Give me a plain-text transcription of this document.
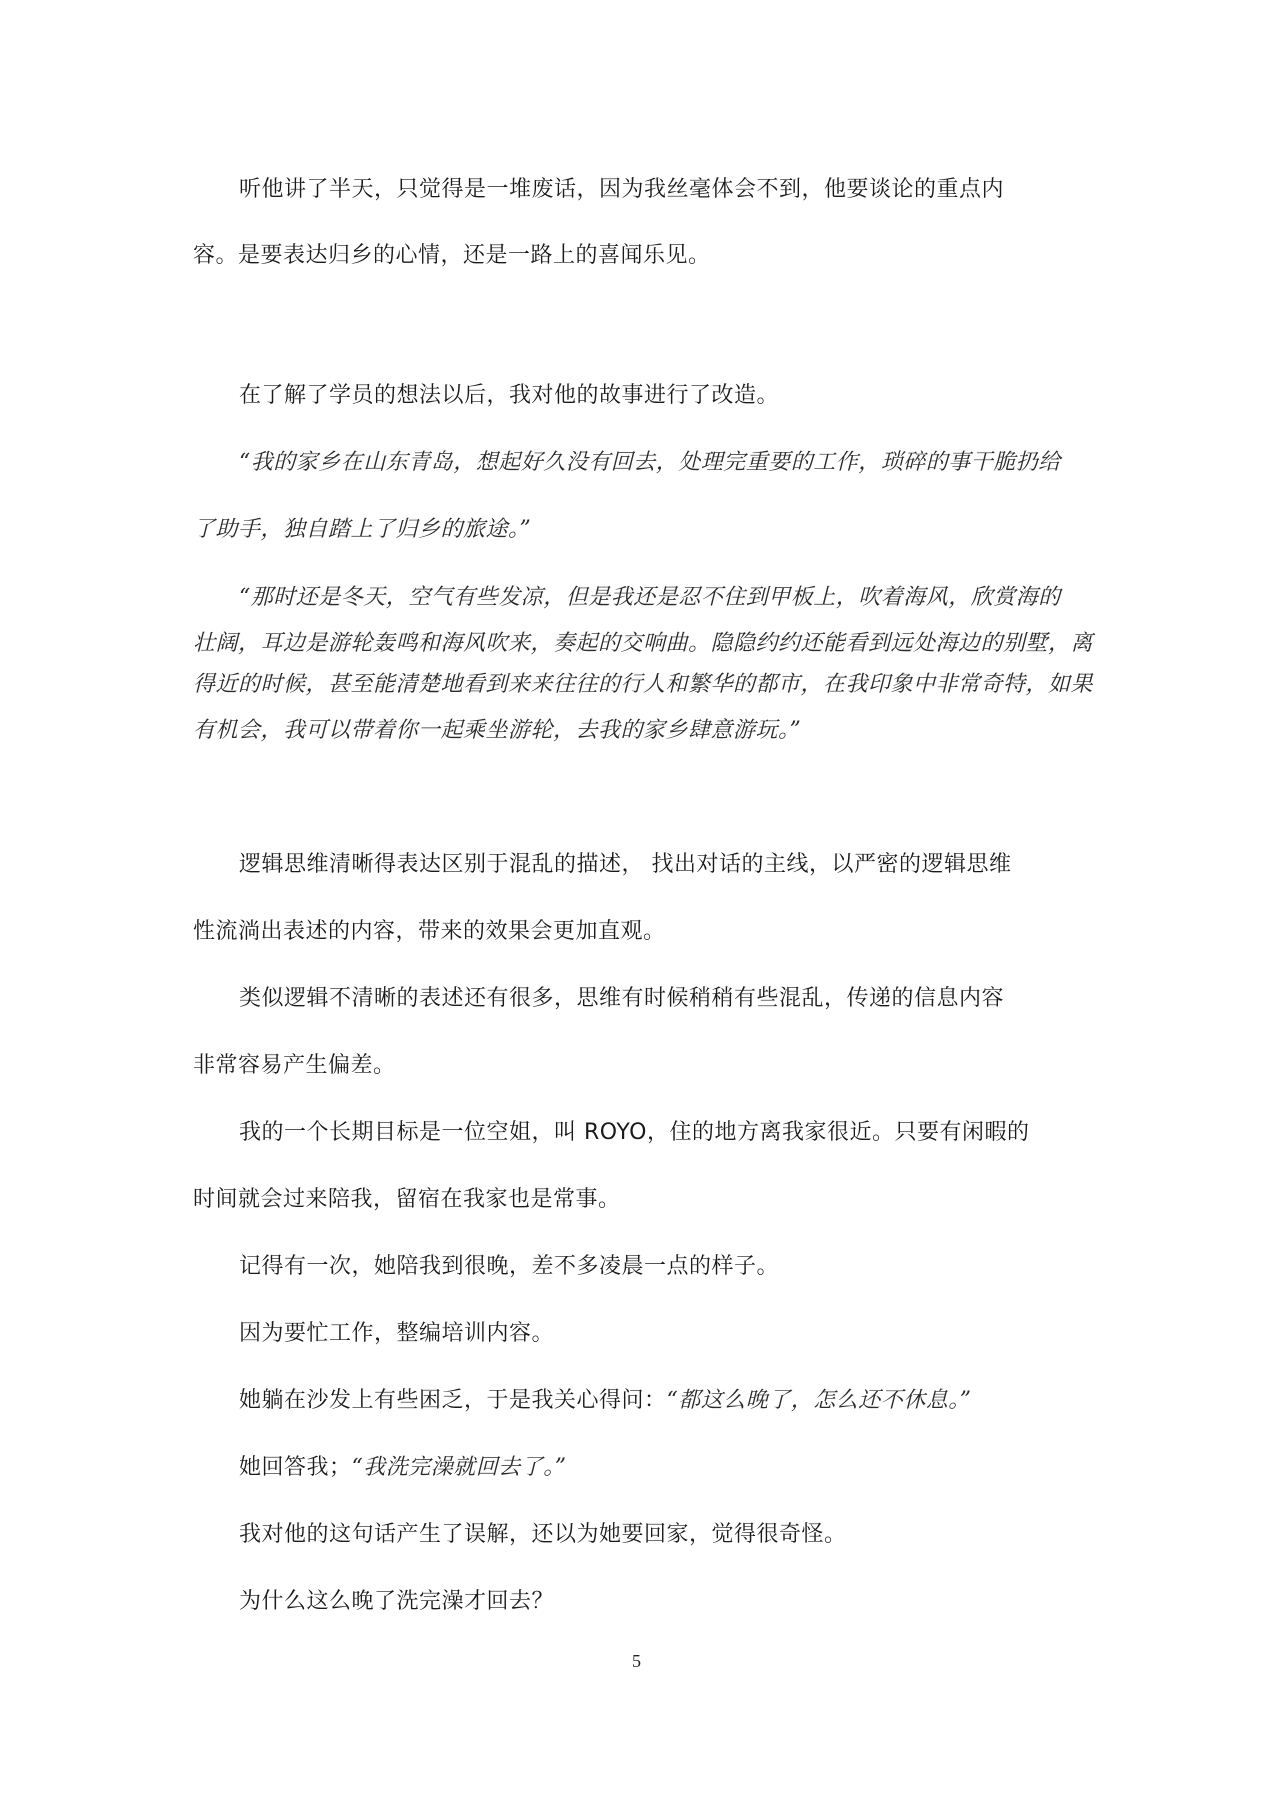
听他讲了半天，只觉得是一堆废话，因为我丝毫体会不到，他要谈论的重点内

容。是要表达归乡的心情，还是一路上的喜闻乐见。

在了解了学员的想法以后，我对他的故事进行了改造。

“我的家乡在山东青岛，想起好久没有回去，处理完重要的工作，琐碎的事干脆扔给

了助手，独自踏上了归乡的旅途。”

“那时还是冬天，空气有些发凉，但是我还是忍不住到甲板上，吹着海风，欣赏海的

壮阔，耳边是游轮轰鸣和海风吹来，奏起的交响曲。隐隐约约还能看到远处海边的别墅，离

得近的时候，甚至能清楚地看到来来往往的行人和繁华的都市，在我印象中非常奇特，如果

有机会，我可以带着你一起乘坐游轮，去我的家乡肆意游玩。”

逻辑思维清晰得表达区别于混乱的描述， 找出对话的主线，以严密的逻辑思维

性流淌出表述的内容，带来的效果会更加直观。

类似逻辑不清晰的表述还有很多，思维有时候稍稍有些混乱，传递的信息内容

非常容易产生偏差。

我的一个长期目标是一位空姐，叫 ROYO，住的地方离我家很近。只要有闲暇的

时间就会过来陪我，留宿在我家也是常事。

记得有一次，她陪我到很晚，差不多凌晨一点的样子。

因为要忙工作，整编培训内容。

她躺在沙发上有些困乏，于是我关心得问：“都这么晚了，怎么还不休息。”

她回答我；“我洗完澡就回去了。”

我对他的这句话产生了误解，还以为她要回家，觉得很奇怪。

为什么这么晚了洗完澡才回去？

5
